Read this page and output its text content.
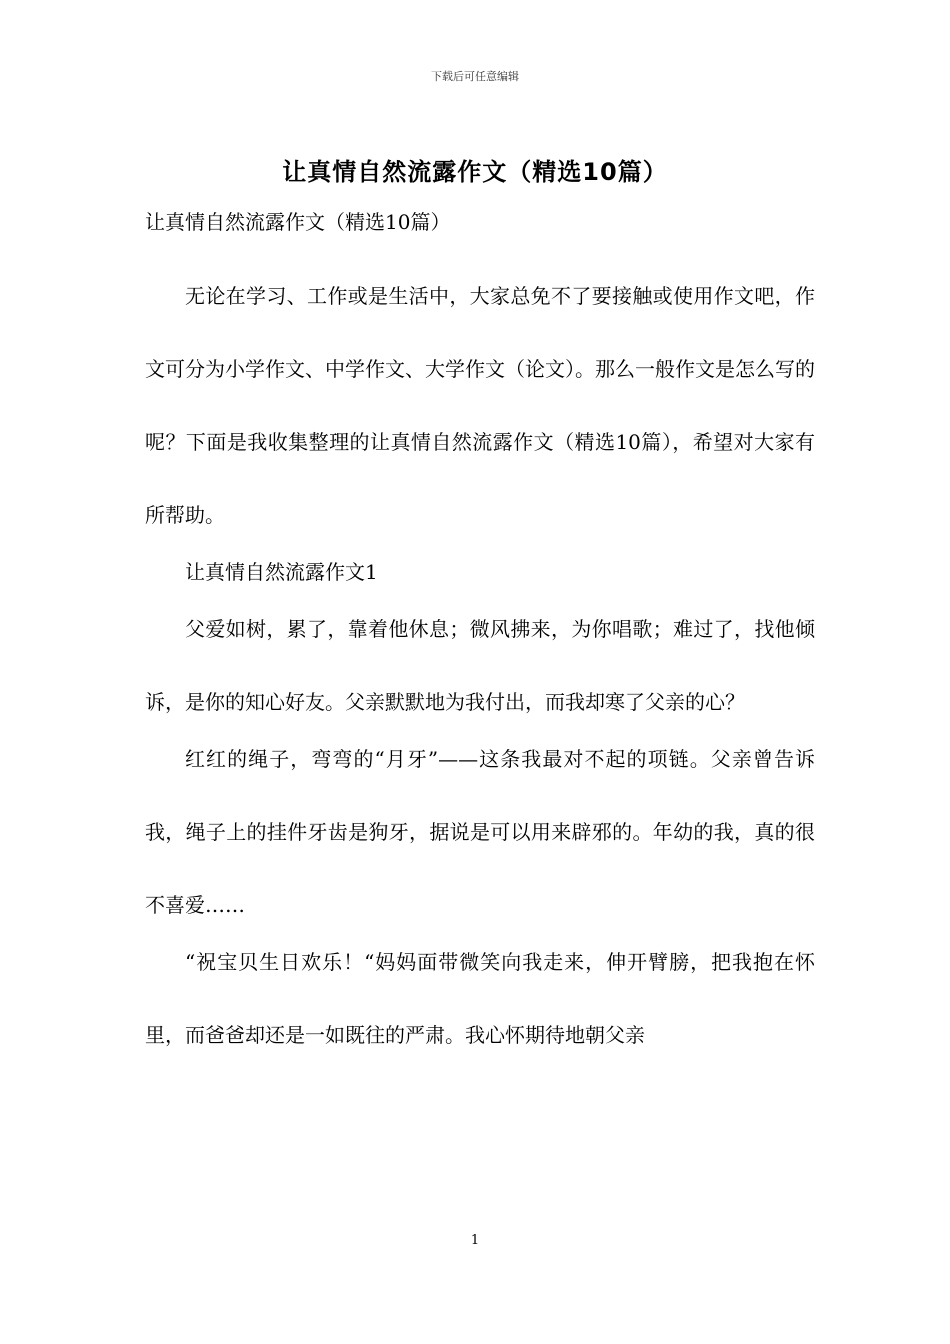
下载后可任意编辑
让真情自然流露作文（精选10篇）

让真情自然流露作文（精选10篇）

无论在学习、工作或是生活中，大家总免不了要接触或使用作文吧，作文可分为小学作文、中学作文、大学作文（论文）。那么一般作文是怎么写的呢？下面是我收集整理的让真情自然流露作文（精选10篇），希望对大家有所帮助。

让真情自然流露作文1

父爱如树，累了，靠着他休息；微风拂来，为你唱歌；难过了，找他倾诉，是你的知心好友。父亲默默地为我付出，而我却寒了父亲的心？

红红的绳子，弯弯的“月牙”——这条我最对不起的项链。父亲曾告诉我，绳子上的挂件牙齿是狗牙，据说是可以用来辟邪的。年幼的我，真的很不喜爱……

“祝宝贝生日欢乐！“妈妈面带微笑向我走来，伸开臂膀，把我抱在怀里，而爸爸却还是一如既往的严肃。我心怀期待地朝父亲

1
